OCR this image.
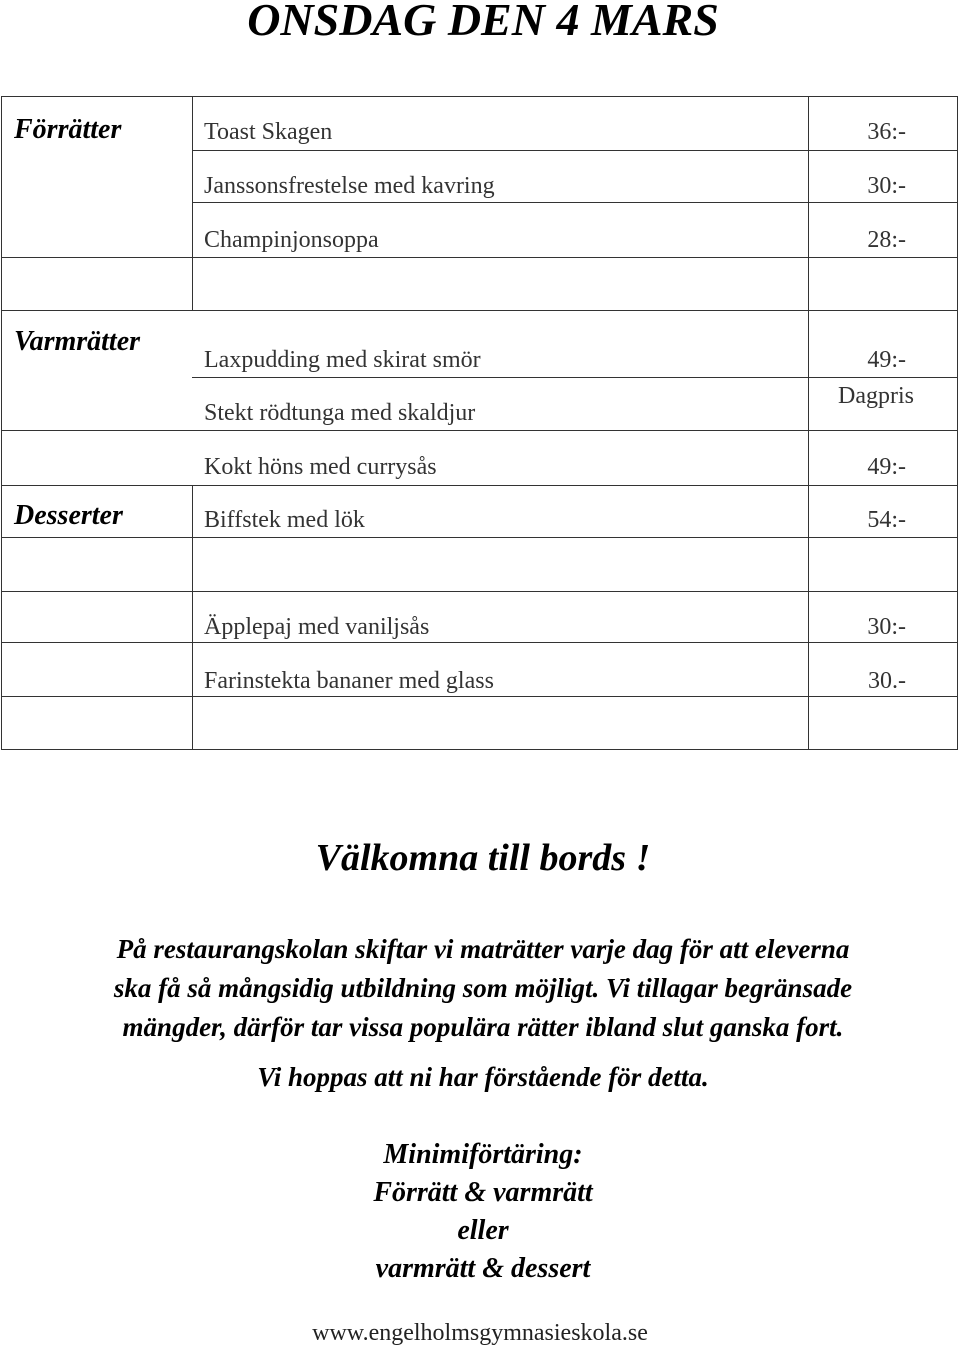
ONSDAG DEN 4 MARS
Förrätter
Varmrätter
Desserter
Toast Skagen
Janssonsfrestelse med kavring
Champinjonsoppa
Laxpudding med skirat smör
Stekt rödtunga med skaldjur
Kokt höns med currysås
Biffstek med lök
Äpplepaj med vaniljsås
Farinstekta bananer med glass
36:-
30:-
28:-
49:-
Dagpris
49:-
54:-
30:-
30.-
Välkomna till bords !

På restaurangskolan skiftar vi maträtter varje dag för att eleverna

ska få så mångsidig utbildning som möjligt. Vi tillagar begränsade

mängder, därför tar vissa populära rätter ibland slut ganska fort.

Vi hoppas att ni har förstående för detta.

Minimiförtäring:
Förrätt & varmrätt
eller
varmrätt & dessert

www.engelholmsgymnasieskola.se
